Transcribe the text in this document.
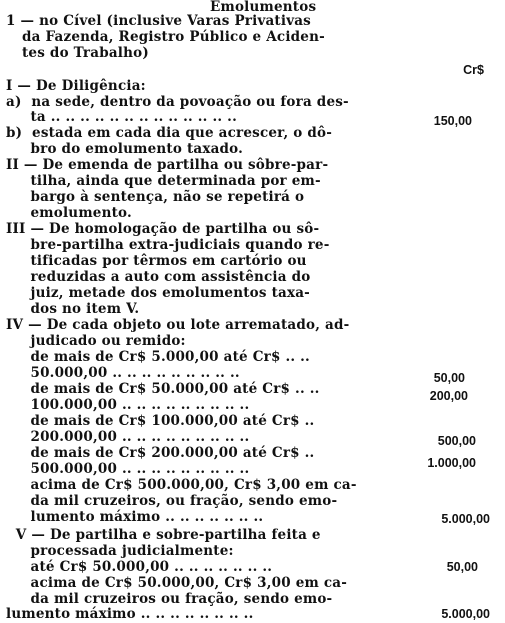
Emolumentos
1 — no Cível (inclusive Varas Privativas
da Fazenda, Registro Público e Aciden-
tes do Trabalho)
Cr$
I — De Diligência:
a)  na sede, dentro da povoação ou fora des-
ta .. .. .. .. .. .. .. .. .. .. .. .. ..	150,00
b)  estada em cada dia que acrescer, o dô-
bro do emolumento taxado.
II — De emenda de partilha ou sôbre-par-
tilha, ainda que determinada por em-
bargo à sentença, não se repetirá o
emolumento.
III — De homologação de partilha ou sô-
bre-partilha extra-judiciais quando re-
tificadas por têrmos em cartório ou
reduzidas a auto com assistência do
juiz, metade dos emolumentos taxa-
dos no item V.
IV — De cada objeto ou lote arrematado, ad-
judicado ou remido:
de mais de Cr$ 5.000,00 até Cr$ .. ..
50.000,00 .. .. .. .. .. .. .. .. ..	50,00
de mais de Cr$ 50.000,00 até Cr$ .. ..	200,00
100.000,00 .. .. .. .. .. .. .. .. ..
de mais de Cr$ 100.000,00 até Cr$ ..
200.000,00 .. .. .. .. .. .. .. .. ..	500,00
de mais de Cr$ 200.000,00 até Cr$ ..
500.000,00 .. .. .. .. .. .. .. .. ..	1.000,00
acima de Cr$ 500.000,00, Cr$ 3,00 em ca-
da mil cruzeiros, ou fração, sendo emo-
lumento máximo .. .. .. .. .. .. ..	5.000,00
V — De partilha e sobre-partilha feita e
processada judicialmente:
até Cr$ 50.000,00 .. .. .. .. .. .. ..	50,00
acima de Cr$ 50.000,00, Cr$ 3,00 em ca-
da mil cruzeiros ou fração, sendo emo-
lumento máximo .. .. .. .. .. .. .. ..	5.000,00
